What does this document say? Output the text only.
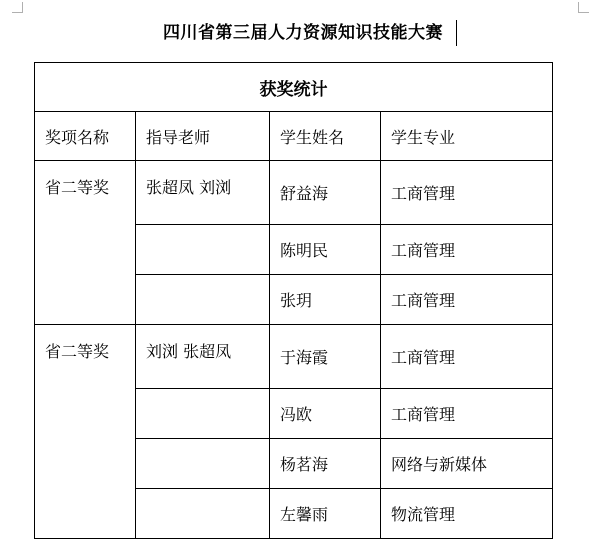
四川省第三届人力资源知识技能大赛
获奖统计			
奖项名称	指导老师	学生姓名	学生专业
省二等奖	张超凤 刘浏	舒益海	工商管理
		陈明民	工商管理
		张玥	工商管理
省二等奖	刘浏 张超凤	于海霞	工商管理
		冯欧	工商管理
		杨茗海	网络与新媒体
		左馨雨	物流管理
